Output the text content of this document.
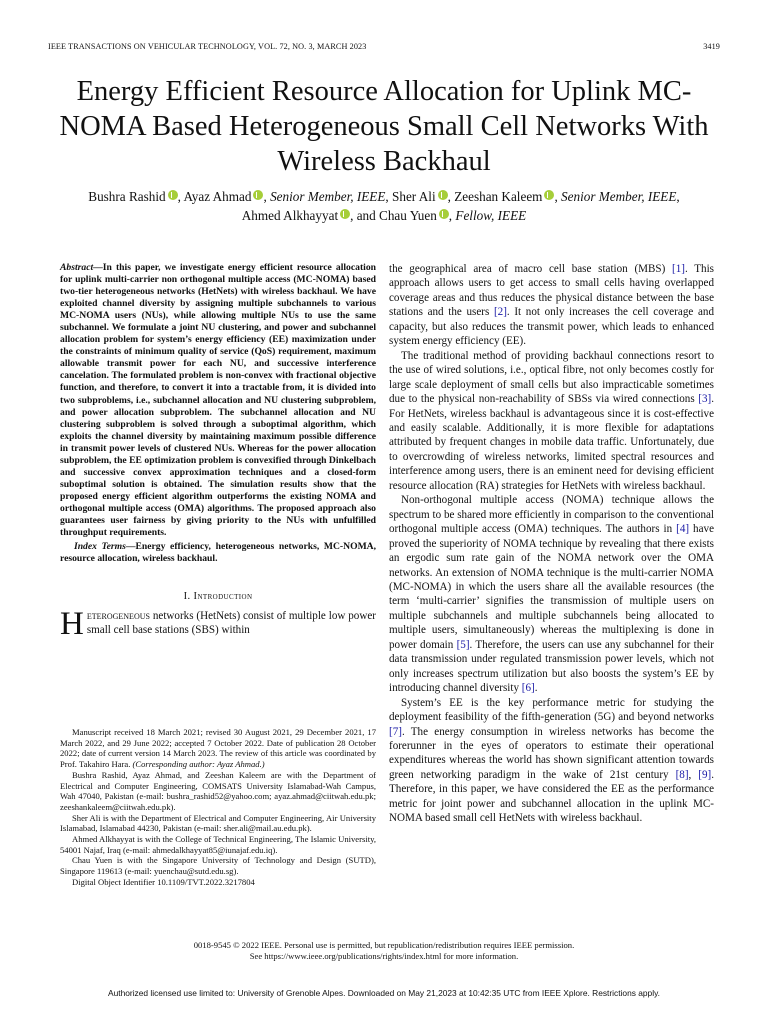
IEEE TRANSACTIONS ON VEHICULAR TECHNOLOGY, VOL. 72, NO. 3, MARCH 2023	3419
Energy Efficient Resource Allocation for Uplink MC-NOMA Based Heterogeneous Small Cell Networks With Wireless Backhaul
Bushra Rashid , Ayaz Ahmad , Senior Member, IEEE, Sher Ali , Zeeshan Kaleem , Senior Member, IEEE,
Ahmed Alkhayyat , and Chau Yuen , Fellow, IEEE
Abstract—In this paper, we investigate energy efficient resource allocation for uplink multi-carrier non orthogonal multiple access (MC-NOMA) based two-tier heterogeneous networks (HetNets) with wireless backhaul. We have exploited channel diversity by assigning multiple subchannels to various MC-NOMA users (NUs), while allowing multiple NUs to use the same subchannel. We formulate a joint NU clustering, and power and subchannel allocation problem for system’s energy efficiency (EE) maximization under the constraints of minimum quality of service (QoS) requirement, maximum allowable transmit power for each NU, and successive interference cancelation. The formulated problem is non-convex with fractional objective function, and therefore, to convert it into a tractable from, it is divided into two subproblems, i.e., subchannel allocation and NU clustering subproblem, and power allocation subproblem. The subchannel allocation and NU clustering subproblem is solved through a suboptimal algorithm, which exploits the channel diversity by maintaining maximum possible difference in transmit power levels of clustered NUs. Whereas for the power allocation subproblem, the EE optimization problem is convexified through Dinkelbach and successive convex approximation techniques and a closed-form suboptimal solution is obtained. The simulation results show that the proposed energy efficient algorithm outperforms the existing NOMA and orthogonal multiple access (OMA) algorithms. The proposed approach also guarantees user fairness by giving priority to the NUs with unfulfilled throughput requirements.
Index Terms—Energy efficiency, heterogeneous networks, MC-NOMA, resource allocation, wireless backhaul.
I. Introduction
Heterogeneous networks (HetNets) consist of multiple low power small cell base stations (SBS) within

Manuscript received 18 March 2021; revised 30 August 2021, 29 December 2021, 17 March 2022, and 29 June 2022; accepted 7 October 2022. Date of publication 28 October 2022; date of current version 14 March 2023. The review of this article was coordinated by Prof. Takahiro Hara. (Corresponding author: Ayaz Ahmad.)

Bushra Rashid, Ayaz Ahmad, and Zeeshan Kaleem are with the Department of Electrical and Computer Engineering, COMSATS University Islamabad-Wah Campus, Wah 47040, Pakistan (e-mail: bushra_rashid52@yahoo.com; ayaz.ahmad@ciitwah.edu.pk; zeeshankaleem@ciitwah.edu.pk).

Sher Ali is with the Department of Electrical and Computer Engineering, Air University Islamabad, Islamabad 44230, Pakistan (e-mail: sher.ali@mail.au.edu.pk).

Ahmed Alkhayyat is with the College of Technical Engineering, The Islamic University, 54001 Najaf, Iraq (e-mail: ahmedalkhayyat85@iunajaf.edu.iq).

Chau Yuen is with the Singapore University of Technology and Design (SUTD), Singapore 119613 (e-mail: yuenchau@sutd.edu.sg).

Digital Object Identifier 10.1109/TVT.2022.3217804

the geographical area of macro cell base station (MBS) [1]. This approach allows users to get access to small cells having overlapped coverage areas and thus reduces the physical distance between the base stations and the users [2]. It not only increases the cell coverage and capacity, but also reduces the transmit power, which leads to enhanced system energy efficiency (EE).

The traditional method of providing backhaul connections resort to the use of wired solutions, i.e., optical fibre, not only becomes costly for large scale deployment of small cells but also impracticable sometimes due to the physical non-reachability of SBSs via wired connections [3]. For HetNets, wireless backhaul is advantageous since it is cost-effective and easily scalable. Additionally, it is more flexible for adaptations attributed by frequent changes in mobile data traffic. Unfortunately, due to overcrowding of wireless networks, limited spectral resources and interference among users, there is an eminent need for devising efficient resource allocation (RA) strategies for HetNets with wireless backhaul.

Non-orthogonal multiple access (NOMA) technique allows the spectrum to be shared more efficiently in comparison to the conventional orthogonal multiple access (OMA) techniques. The authors in [4] have proved the superiority of NOMA technique by revealing that there exists an ergodic sum rate gain of the NOMA network over the OMA networks. An extension of NOMA technique is the multi-carrier NOMA (MC-NOMA) in which the users share all the available resources (the term ‘multi-carrier’ signifies the transmission of multiple users on multiple subchannels and multiple subchannels being allocated to multiple users, simultaneously) whereas the multiplexing is done in power domain [5]. Therefore, the users can use any subchannel for their data transmission under regulated transmission power levels, which not only increases spectrum utilization but also boosts the system’s EE by introducing channel diversity [6].

System’s EE is the key performance metric for studying the deployment feasibility of the fifth-generation (5G) and beyond networks [7]. The energy consumption in wireless networks has become the forerunner in the eyes of operators to estimate their operational expenditures whereas the world has shown significant attention towards green networking paradigm in the wake of 21st century [8], [9]. Therefore, in this paper, we have considered the EE as the performance metric for joint power and subchannel allocation in the uplink MC-NOMA based small cell HetNets with wireless backhaul.

0018-9545 © 2022 IEEE. Personal use is permitted, but republication/redistribution requires IEEE permission.
See https://www.ieee.org/publications/rights/index.html for more information.
Authorized licensed use limited to: University of Grenoble Alpes. Downloaded on May 21,2023 at 10:42:35 UTC from IEEE Xplore. Restrictions apply.
